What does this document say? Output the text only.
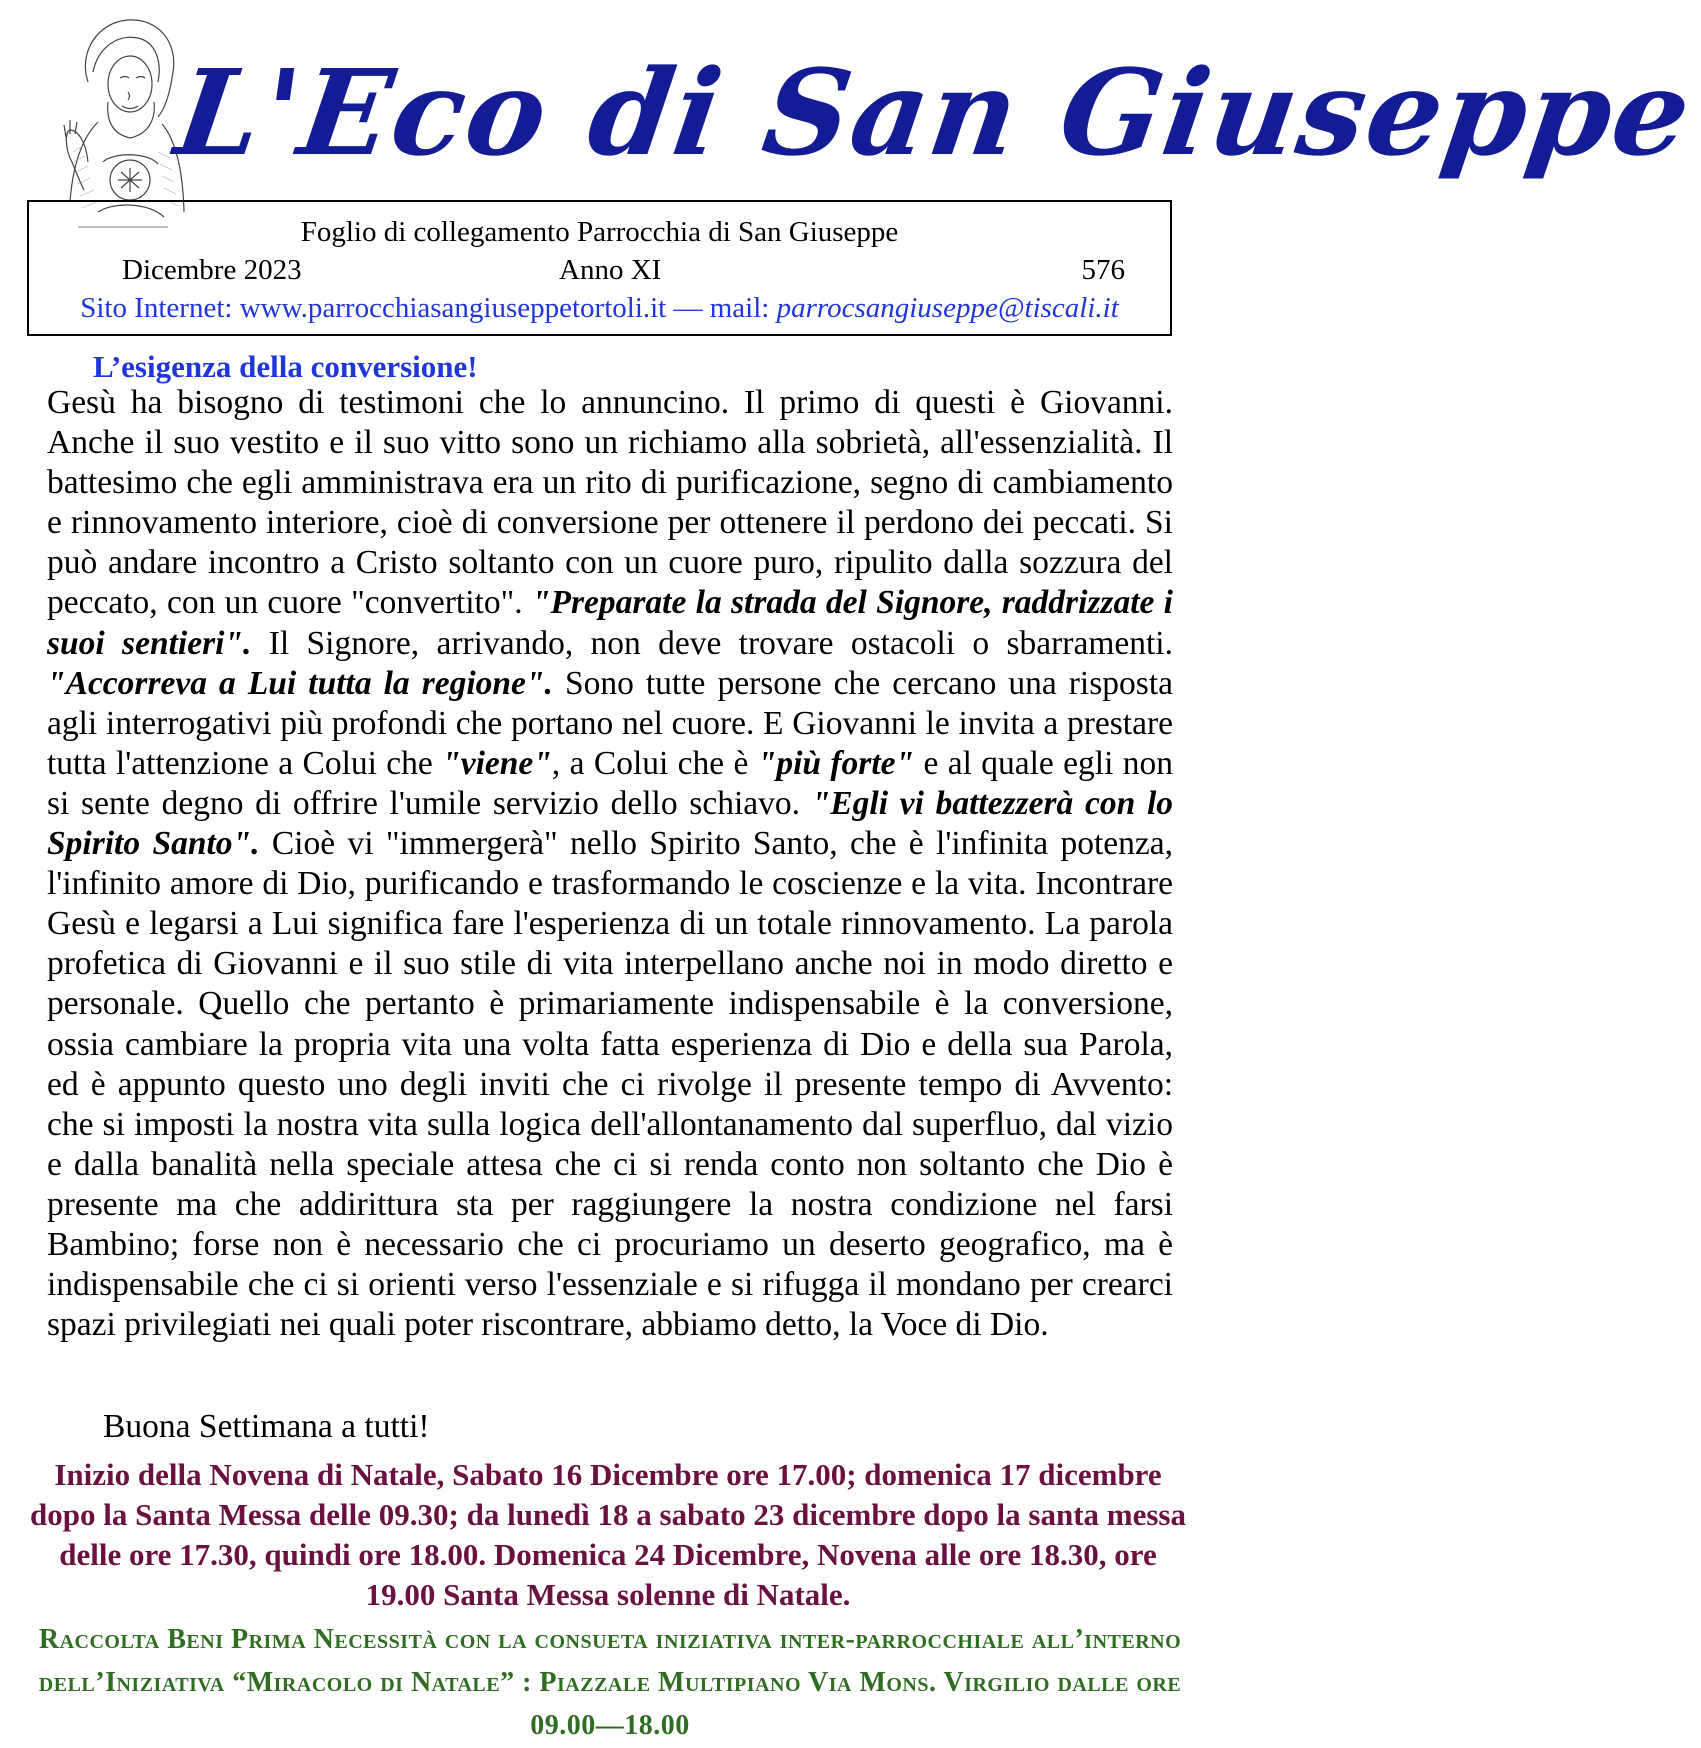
L'Eco di San Giuseppe
Foglio di collegamento Parrocchia di San Giuseppe
Dicembre 2023	Anno XI	576
Sito Internet: www.parrocchiasangiuseppetortoli.it — mail: parrocsangiuseppe@tiscali.it
L’esigenza della conversione!

Gesù ha bisogno di testimoni che lo annuncino. Il primo di questi è Giovanni. Anche il suo vestito e il suo vitto sono un richiamo alla sobrietà, all'essenzialità. Il battesimo che egli amministrava era un rito di purificazione, segno di cambiamento e rinnovamento interiore, cioè di conversione per ottenere il perdono dei peccati. Si può andare incontro a Cristo soltanto con un cuore puro, ripulito dalla sozzura del peccato, con un cuore "convertito". "Preparate la strada del Signore, raddrizzate i suoi sentieri". Il Signore, arrivando, non deve trovare ostacoli o sbarramenti. "Accorreva a Lui tutta la regione". Sono tutte persone che cercano una risposta agli interrogativi più profondi che portano nel cuore. E Giovanni le invita a prestare tutta l'attenzione a Colui che "viene", a Colui che è "più forte" e al quale egli non si sente degno di offrire l'umile servizio dello schiavo. "Egli vi battezzerà con lo Spirito Santo". Cioè vi "immergerà" nello Spirito Santo, che è l'infinita potenza, l'infinito amore di Dio, purificando e trasformando le coscienze e la vita. Incontrare Gesù e legarsi a Lui significa fare l'esperienza di un totale rinnovamento. La parola profetica di Giovanni e il suo stile di vita interpellano anche noi in modo diretto e personale. Quello che pertanto è primariamente indispensabile è la conversione, ossia cambiare la propria vita una volta fatta esperienza di Dio e della sua Parola, ed è appunto questo uno degli inviti che ci rivolge il presente tempo di Avvento: che si imposti la nostra vita sulla logica dell'allontanamento dal superfluo, dal vizio e dalla banalità nella speciale attesa che ci si renda conto non soltanto che Dio è presente ma che addirittura sta per raggiungere la nostra condizione nel farsi Bambino; forse non è necessario che ci procuriamo un deserto geografico, ma è indispensabile che ci si orienti verso l'essenziale e si rifugga il mondano per crearci spazi privilegiati nei quali poter riscontrare, abbiamo detto, la Voce di Dio.

Buona Settimana a tutti!
Inizio della Novena di Natale, Sabato 16 Dicembre ore 17.00; domenica 17 dicembre dopo la Santa Messa delle 09.30; da lunedì 18 a sabato 23 dicembre dopo la santa messa delle ore 17.30, quindi ore 18.00. Domenica 24 Dicembre, Novena alle ore 18.30, ore 19.00 Santa Messa solenne di Natale.
Raccolta Beni Prima Necessità con la consueta iniziativa inter-parrocchiale all’interno dell’Iniziativa “Miracolo di Natale” : Piazzale Multipiano Via Mons. Virgilio dalle ore 09.00—18.00
